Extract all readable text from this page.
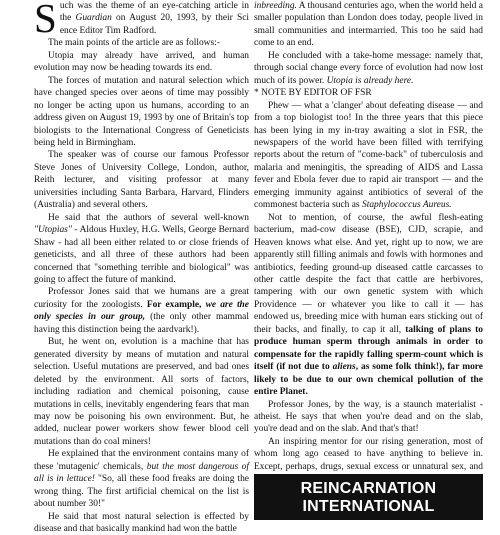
Such was the theme of an eye-catching article in the Guardian on August 20, 1993, by their Sci ence Editor Tim Radford.

The main points of the article are as follows:-

Utopia may already have arrived, and human evolution may now be heading towards its end.

The forces of mutation and natural selection which have changed species over aeons of time may possibly no longer be acting upon us humans, according to an address given on August 19, 1993 by one of Britain's top biologists to the International Congress of Geneticists being held in Birmingham.

The speaker was of course our famous Professor Steve Jones of University College, London, author, Reith lecturer, and visiting professor at many universities including Santa Barbara, Harvard, Flinders (Australia) and several others.

He said that the authors of several well-known "Utopias" - Aldous Huxley, H.G. Wells, George Bernard Shaw - had all been either related to or close friends of geneticists, and all three of these authors had been concerned that "something terrible and biological" was going to affect the future of mankind.

Professor Jones said that we humans are a great curiosity for the zoologists. For example, we are the only species in our group, (the only other mammal having this distinction being the aardvark!).

But, he went on, evolution is a machine that has generated diversity by means of mutation and natural selection. Useful mutations are preserved, and bad ones deleted by the environment. All sorts of factors, including radiation and chemical poisoning, cause mutations in cells, inevitably engendering fears that man may now be poisoning his own environment. But, he added, nuclear power workers show fewer blood cell mutations than do coal miners!

He explained that the environment contains many of these 'mutagenic' chemicals, but the most dangerous of all is in lettuce! "So, all these food freaks are doing the wrong thing. The first artificial chemical on the list is about number 30!"

He said that most natural selection is effected by disease and that basically mankind had won the battle

inbreeding. A thousand centuries ago, when the world held a smaller population than London does today, people lived in small communities and intermarried. This too he said had come to an end.

He concluded with a take-home message: namely that, through social change every force of evolution had now lost much of its power. Utopia is already here.

* NOTE BY EDITOR OF FSR

Phew — what a 'clanger' about defeating disease — and from a top biologist too! In the three years that this piece has been lying in my in-tray awaiting a slot in FSR, the newspapers of the world have been filled with terrifying reports about the return of "come-back" of tuberculosis and malaria and meningitis, the spreading of AIDS and Lassa fever and Ebola fever due to rapid air transport — and the emerging immunity against antibiotics of several of the commonest bacteria such as Staphylococcus Aureus.

Not to mention, of course, the awful flesh-eating bacterium, mad-cow disease (BSE), CJD, scrapie, and Heaven knows what else. And yet, right up to now, we are apparently still filling animals and fowls with hormones and antibiotics, feeding ground-up diseased cattle carcasses to other cattle despite the fact that cattle are herbivores, tampering with our own genetic system with which Providence — or whatever you like to call it — has endowed us, breeding mice with human ears sticking out of their backs, and finally, to cap it all, talking of plans to produce human sperm through animals in order to compensate for the rapidly falling sperm-count which is itself (if not due to aliens, as some folk think!), far more likely to be due to our own chemical pollution of the entire Planet.

Professor Jones, by the way, is a staunch materialist - atheist. He says that when you're dead and on the slab, you're dead and on the slab. And that's that!

An inspiring mentor for our rising generation, most of whom long ago ceased to have anything to believe in. Except, perhaps, drugs, sexual excess or unnatural sex, and

REINCARNATION
INTERNATIONAL
